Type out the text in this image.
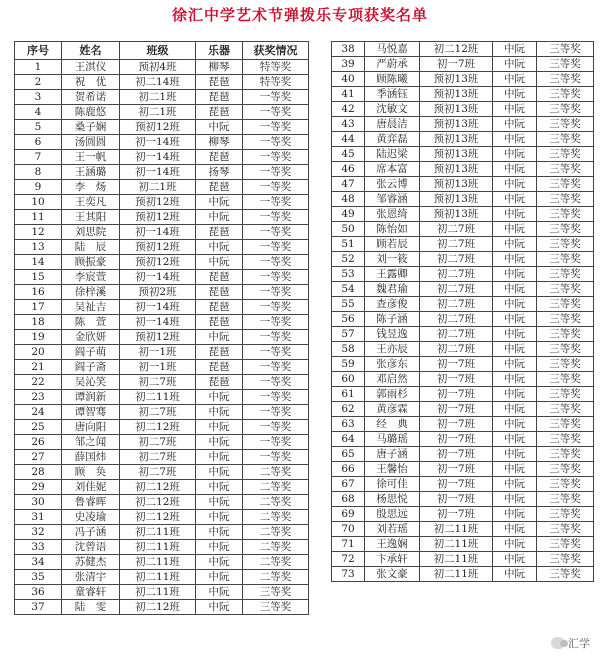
徐汇中学艺术节弹拨乐专项获奖名单
序号	姓名	班级	乐器	获奖情况
1	王淇仪	预初4班	柳琴	特等奖
2	祝　优	初二14班	琵琶	特等奖
3	贺希诺	初二1班	琵琶	一等奖
4	陈鹿悠	初二1班	琵琶	一等奖
5	桑子娴	预初12班	中阮	一等奖
6	汤圆圆	初一14班	柳琴	一等奖
7	王一帆	初一14班	琵琶	一等奖
8	王涵璐	初一14班	扬琴	一等奖
9	李　炀	初二1班	琵琶	一等奖
10	王奕凡	预初12班	中阮	一等奖
11	王其阳	预初12班	中阮	一等奖
12	刘思院	初一14班	琵琶	一等奖
13	陆　辰	预初12班	中阮	一等奖
14	顾振豪	预初12班	中阮	一等奖
15	李宸萱	初一14班	琵琶	一等奖
16	徐梓溪	预初2班	琵琶	一等奖
17	吴祉吉	初一14班	琵琶	一等奖
18	陈　萱	初一14班	琵琶	一等奖
19	金欣妍	预初12班	中阮	一等奖
20	阎子萌	初一1班	琵琶	一等奖
21	阎子斋	初一1班	琵琶	一等奖
22	吴沁笑	初二7班	琵琶	一等奖
23	谭润新	初二11班	中阮	一等奖
24	谭智骞	初二7班	中阮	一等奖
25	唐向阳	初二12班	中阮	一等奖
26	邹之闻	初二7班	中阮	一等奖
27	薛国炜	初二7班	中阮	一等奖
28	顾　奂	初二7班	中阮	二等奖
29	刘佳妮	初二12班	中阮	二等奖
30	鲁睿晖	初二12班	中阮	二等奖
31	史凌瑜	初二12班	中阮	二等奖
32	冯子涵	初二11班	中阮	二等奖
33	沈曾语	初二11班	中阮	二等奖
34	苏健杰	初二11班	中阮	二等奖
35	张清宇	初二11班	中阮	二等奖
36	童睿轩	初二11班	中阮	三等奖
37	陆　雯	初二12班	中阮	三等奖
38	马悦嘉	初二12班	中阮	三等奖
39	严蔚承	初一7班	中阮	三等奖
40	顾陈曦	预初13班	中阮	三等奖
41	季涵钰	预初13班	中阮	三等奖
42	沈敏文	预初13班	中阮	三等奖
43	唐晨洁	预初13班	中阮	三等奖
44	黄弈磊	预初13班	中阮	三等奖
45	陆迟梁	预初13班	中阮	三等奖
46	席本富	预初13班	中阮	三等奖
47	张云博	预初13班	中阮	三等奖
48	邹睿涵	预初13班	中阮	三等奖
49	张恩绮	预初13班	中阮	三等奖
50	陈怡如	初二7班	中阮	三等奖
51	顾若辰	初二7班	中阮	三等奖
52	刘一筱	初二7班	中阮	三等奖
53	王露卿	初二7班	中阮	三等奖
54	魏君瑜	初二7班	中阮	三等奖
55	查彦俊	初二7班	中阮	三等奖
56	陈子涵	初二7班	中阮	三等奖
57	钱昱逸	初二7班	中阮	三等奖
58	王亦辰	初二7班	中阮	三等奖
59	张彦东	初一7班	中阮	三等奖
60	邓启然	初一7班	中阮	三等奖
61	郭雨杉	初一7班	中阮	三等奖
62	黄彦霖	初一7班	中阮	三等奖
63	经　典	初一7班	中阮	三等奖
64	马璐瑶	初一7班	中阮	三等奖
65	唐子涵	初一7班	中阮	三等奖
66	王馨怡	初一7班	中阮	三等奖
67	徐可佳	初一7班	中阮	三等奖
68	杨思悦	初一7班	中阮	三等奖
69	殷思远	初一7班	中阮	三等奖
70	刘若瑶	初二11班	中阮	三等奖
71	王逸娴	初二11班	中阮	三等奖
72	卞承轩	初二11班	中阮	三等奖
73	张文豪	初二11班	中阮	三等奖
汇学
